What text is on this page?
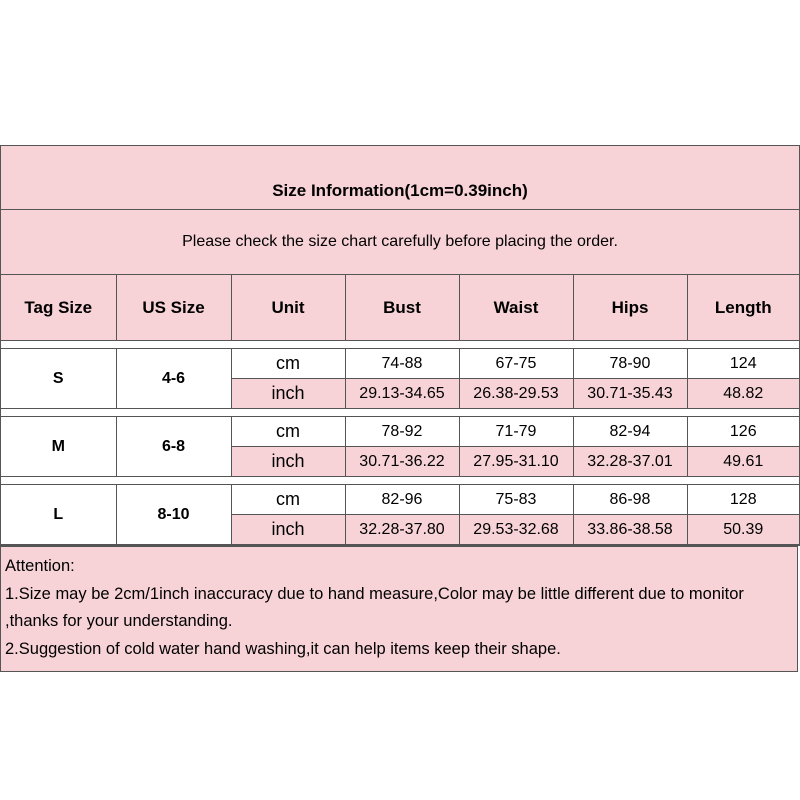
Size Information(1cm=0.39inch)
Please check the size chart carefully before placing the order.
Tag Size	US Size	Unit	Bust	Waist	Hips	Length

S	4-6	cm	74-88	67-75	78-90	124
		inch	29.13-34.65	26.38-29.53	30.71-35.43	48.82

M	6-8	cm	78-92	71-79	82-94	126
		inch	30.71-36.22	27.95-31.10	32.28-37.01	49.61

L	8-10	cm	82-96	75-83	86-98	128
		inch	32.28-37.80	29.53-32.68	33.86-38.58	50.39

Attention:

1.Size may be 2cm/1inch inaccuracy due to hand measure,Color may be little different due to monitor ,thanks for your understanding.

2.Suggestion of cold water hand washing,it can help items keep their shape.
